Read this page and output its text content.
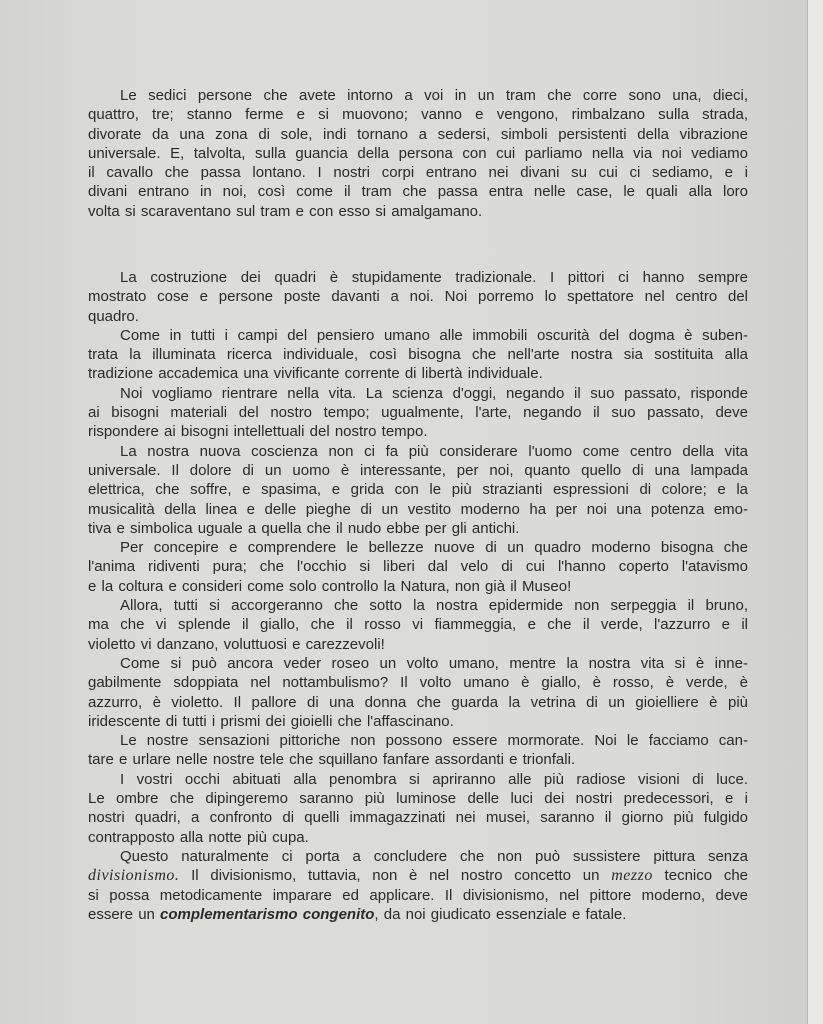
Le sedici persone che avete intorno a voi in un tram che corre sono una, dieci,
quattro, tre; stanno ferme e si muovono; vanno e vengono, rimbalzano sulla strada,
divorate da una zona di sole, indi tornano a sedersi, simboli persistenti della vibrazione
universale. E, talvolta, sulla guancia della persona con cui parliamo nella via noi vediamo
il cavallo che passa lontano. I nostri corpi entrano nei divani su cui ci sediamo, e i
divani entrano in noi, così come il tram che passa entra nelle case, le quali alla loro
volta si scaraventano sul tram e con esso si amalgamano.
La costruzione dei quadri è stupidamente tradizionale. I pittori ci hanno sempre
mostrato cose e persone poste davanti a noi. Noi porremo lo spettatore nel centro del
quadro.
Come in tutti i campi del pensiero umano alle immobili oscurità del dogma è suben-
trata la illuminata ricerca individuale, così bisogna che nell'arte nostra sia sostituita alla
tradizione accademica una vivificante corrente di libertà individuale.
Noi vogliamo rientrare nella vita. La scienza d'oggi, negando il suo passato, risponde
ai bisogni materiali del nostro tempo; ugualmente, l'arte, negando il suo passato, deve
rispondere ai bisogni intellettuali del nostro tempo.
La nostra nuova coscienza non ci fa più considerare l'uomo come centro della vita
universale. Il dolore di un uomo è interessante, per noi, quanto quello di una lampada
elettrica, che soffre, e spasima, e grida con le più strazianti espressioni di colore; e la
musicalità della linea e delle pieghe di un vestito moderno ha per noi una potenza emo-
tiva e simbolica uguale a quella che il nudo ebbe per gli antichi.
Per concepire e comprendere le bellezze nuove di un quadro moderno bisogna che
l'anima ridiventi pura; che l'occhio si liberi dal velo di cui l'hanno coperto l'atavismo
e la coltura e consideri come solo controllo la Natura, non già il Museo!
Allora, tutti si accorgeranno che sotto la nostra epidermide non serpeggia il bruno,
ma che vi splende il giallo, che il rosso vi fiammeggia, e che il verde, l'azzurro e il
violetto vi danzano, voluttuosi e carezzevoli!
Come si può ancora veder roseo un volto umano, mentre la nostra vita si è inne-
gabilmente sdoppiata nel nottambulismo? Il volto umano è giallo, è rosso, è verde, è
azzurro, è violetto. Il pallore di una donna che guarda la vetrina di un gioielliere è più
iridescente di tutti i prismi dei gioielli che l'affascinano.
Le nostre sensazioni pittoriche non possono essere mormorate. Noi le facciamo can-
tare e urlare nelle nostre tele che squillano fanfare assordanti e trionfali.
I vostri occhi abituati alla penombra si apriranno alle più radiose visioni di luce.
Le ombre che dipingeremo saranno più luminose delle luci dei nostri predecessori, e i
nostri quadri, a confronto di quelli immagazzinati nei musei, saranno il giorno più fulgido
contrapposto alla notte più cupa.
Questo naturalmente ci porta a concludere che non può sussistere pittura senza
divisionismo. Il divisionismo, tuttavia, non è nel nostro concetto un mezzo tecnico che
si possa metodicamente imparare ed applicare. Il divisionismo, nel pittore moderno, deve
essere un complementarismo congenito, da noi giudicato essenziale e fatale.
